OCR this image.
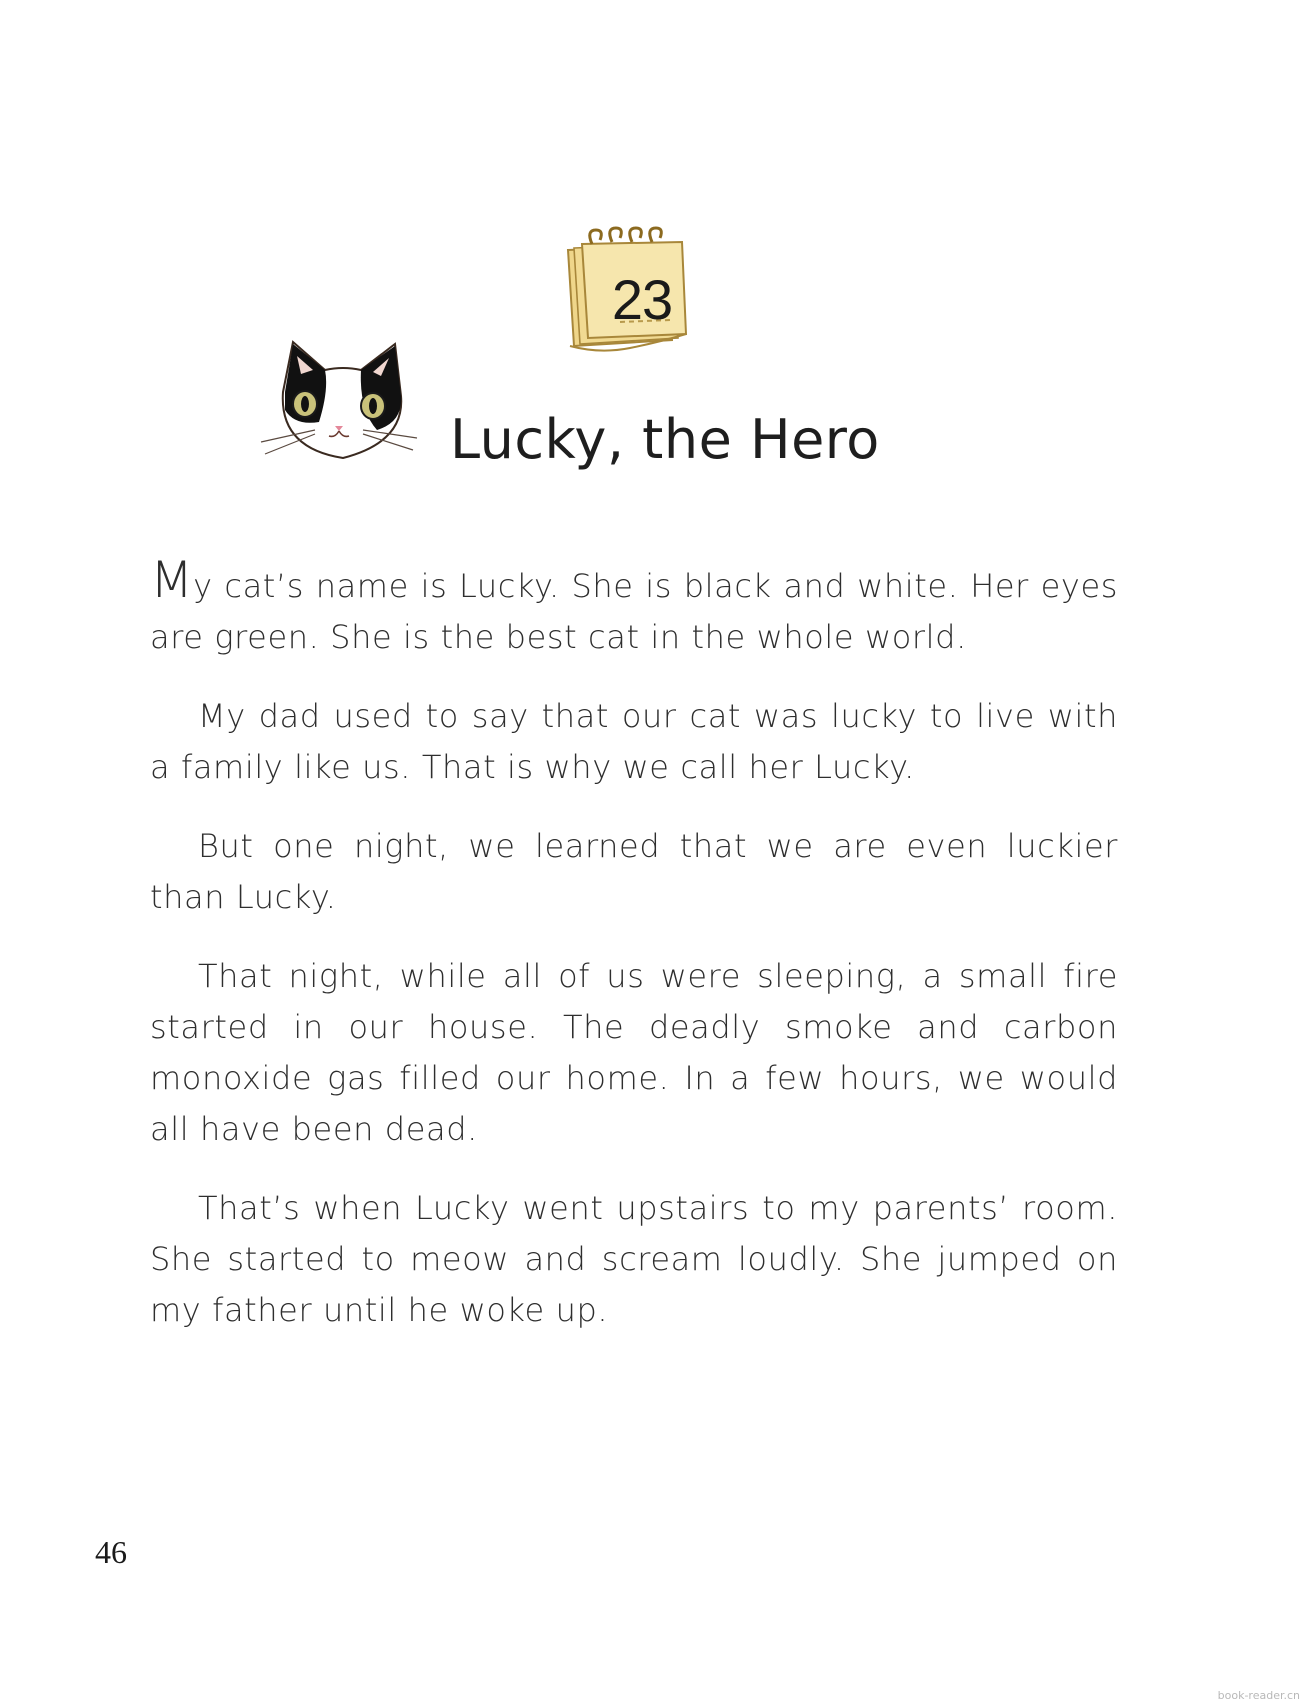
23
Lucky, the Hero

My cat’s name is Lucky. She is black and white. Her eyes are green. She is the best cat in the whole world.

My dad used to say that our cat was lucky to live with a family like us. That is why we call her Lucky.

But one night, we learned that we are even luckier than Lucky.

That night, while all of us were sleeping, a small fire started in our house. The deadly smoke and carbon monoxide gas filled our home. In a few hours, we would all have been dead.

That’s when Lucky went upstairs to my parents’ room. She started to meow and scream loudly. She jumped on my father until he woke up.

46
book-reader.cn
